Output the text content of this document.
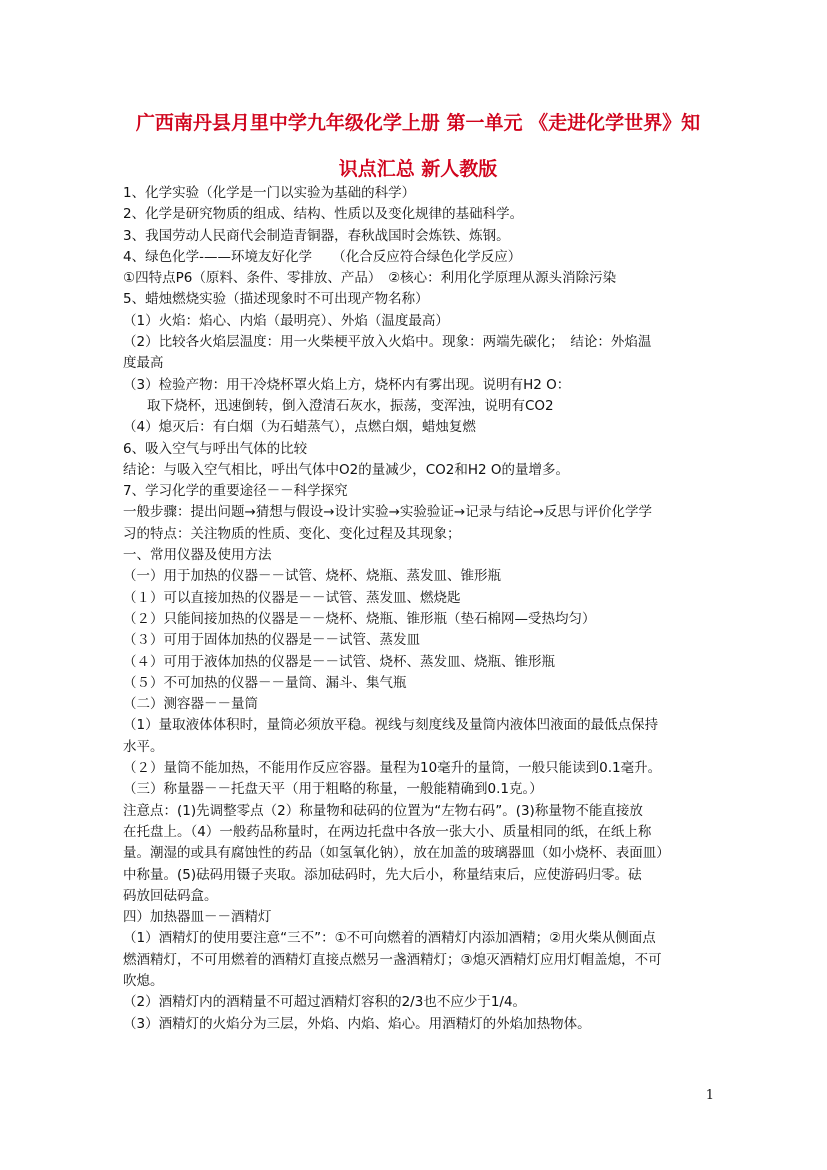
广西南丹县月里中学九年级化学上册 第一单元 《走进化学世界》知
识点汇总 新人教版
1、化学实验（化学是一门以实验为基础的科学）
2、化学是研究物质的组成、结构、性质以及变化规律的基础科学。
3、我国劳动人民商代会制造青铜器，春秋战国时会炼铁、炼钢。
4、绿色化学-——环境友好化学　　（化合反应符合绿色化学反应）
①四特点P6（原料、条件、零排放、产品）　②核心：利用化学原理从源头消除污染
5、蜡烛燃烧实验（描述现象时不可出现产物名称）
（1）火焰：焰心、内焰（最明亮）、外焰（温度最高）
（2）比较各火焰层温度：用一火柴梗平放入火焰中。现象：两端先碳化；　结论：外焰温
度最高
（3）检验产物：用干冷烧杯罩火焰上方，烧杯内有雾出现。说明有H2 O：
取下烧杯，迅速倒转，倒入澄清石灰水，振荡，变浑浊，说明有CO2
（4）熄灭后：有白烟（为石蜡蒸气），点燃白烟，蜡烛复燃
6、吸入空气与呼出气体的比较
结论：与吸入空气相比，呼出气体中O2的量减少，CO2和H2 O的量增多。
7、学习化学的重要途径－－科学探究
一般步骤：提出问题→猜想与假设→设计实验→实验验证→记录与结论→反思与评价化学学
习的特点：关注物质的性质、变化、变化过程及其现象；
一、常用仪器及使用方法
（一）用于加热的仪器－－试管、烧杯、烧瓶、蒸发皿、锥形瓶
（１）可以直接加热的仪器是－－试管、蒸发皿、燃烧匙
（２）只能间接加热的仪器是－－烧杯、烧瓶、锥形瓶（垫石棉网—受热均匀）
（３）可用于固体加热的仪器是－－试管、蒸发皿
（４）可用于液体加热的仪器是－－试管、烧杯、蒸发皿、烧瓶、锥形瓶
（５）不可加热的仪器－－量筒、漏斗、集气瓶
（二）测容器－－量筒
（1）量取液体体积时，量筒必须放平稳。视线与刻度线及量筒内液体凹液面的最低点保持
水平。
（２）量筒不能加热，不能用作反应容器。量程为10毫升的量筒，一般只能读到0.1毫升。
（三）称量器－－托盘天平（用于粗略的称量，一般能精确到0.1克。）
注意点：(1)先调整零点（2）称量物和砝码的位置为“左物右码”。(3)称量物不能直接放
在托盘上。（4）一般药品称量时，在两边托盘中各放一张大小、质量相同的纸，在纸上称
量。潮湿的或具有腐蚀性的药品（如氢氧化钠），放在加盖的玻璃器皿（如小烧杯、表面皿）
中称量。(5)砝码用镊子夹取。添加砝码时，先大后小，称量结束后，应使游码归零。砝
码放回砝码盒。
四）加热器皿－－酒精灯
（1）酒精灯的使用要注意“三不”：①不可向燃着的酒精灯内添加酒精；②用火柴从侧面点
燃酒精灯，不可用燃着的酒精灯直接点燃另一盏酒精灯；③熄灭酒精灯应用灯帽盖熄，不可
吹熄。
（2）酒精灯内的酒精量不可超过酒精灯容积的2/3也不应少于1/4。
（3）酒精灯的火焰分为三层，外焰、内焰、焰心。用酒精灯的外焰加热物体。
1
